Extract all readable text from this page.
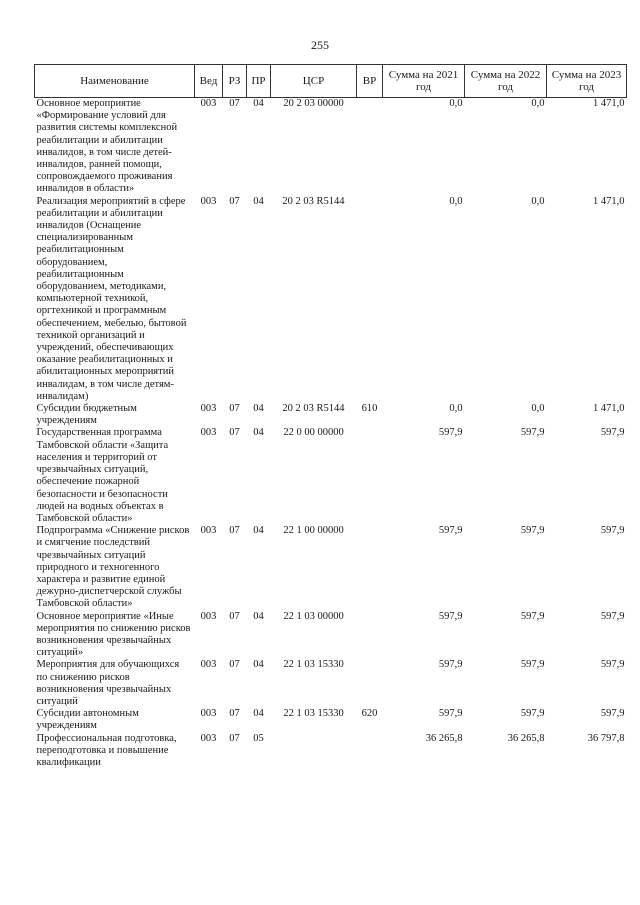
255
Наименование	Вед	РЗ	ПР	ЦСР	ВР	Сумма на 2021 год	Сумма на 2022 год	Сумма на 2023 год
Основное мероприятие «Формирование условий для развития системы комплексной реабилитации и абилитации инвалидов, в том числе детей-инвалидов, ранней помощи, сопровождаемого проживания инвалидов в области»	003	07	04	20 2 03 00000		0,0	0,0	1 471,0
Реализация мероприятий в сфере реабилитации и абилитации инвалидов (Оснащение специализированным реабилитационным оборудованием, реабилитационным оборудованием, методиками, компьютерной техникой, оргтехникой и программным обеспечением, мебелью, бытовой техникой организаций и учреждений, обеспечивающих оказание реабилитационных и абилитационных мероприятий инвалидам, в том числе детям-инвалидам)	003	07	04	20 2 03 R5144		0,0	0,0	1 471,0
Субсидии бюджетным учреждениям	003	07	04	20 2 03 R5144	610	0,0	0,0	1 471,0
Государственная программа Тамбовской области «Защита населения и территорий от чрезвычайных ситуаций, обеспечение пожарной безопасности и безопасности людей на водных объектах в Тамбовской области»	003	07	04	22 0 00 00000		597,9	597,9	597,9
Подпрограмма «Снижение рисков и смягчение последствий чрезвычайных ситуаций природного и техногенного характера и развитие единой дежурно-диспетчерской службы Тамбовской области»	003	07	04	22 1 00 00000		597,9	597,9	597,9
Основное мероприятие «Иные мероприятия по снижению рисков возникновения чрезвычайных ситуаций»	003	07	04	22 1 03 00000		597,9	597,9	597,9
Мероприятия для обучающихся по снижению рисков возникновения чрезвычайных ситуаций	003	07	04	22 1 03 15330		597,9	597,9	597,9
Субсидии автономным учреждениям	003	07	04	22 1 03 15330	620	597,9	597,9	597,9
Профессиональная подготовка, переподготовка и повышение квалификации	003	07	05			36 265,8	36 265,8	36 797,8
